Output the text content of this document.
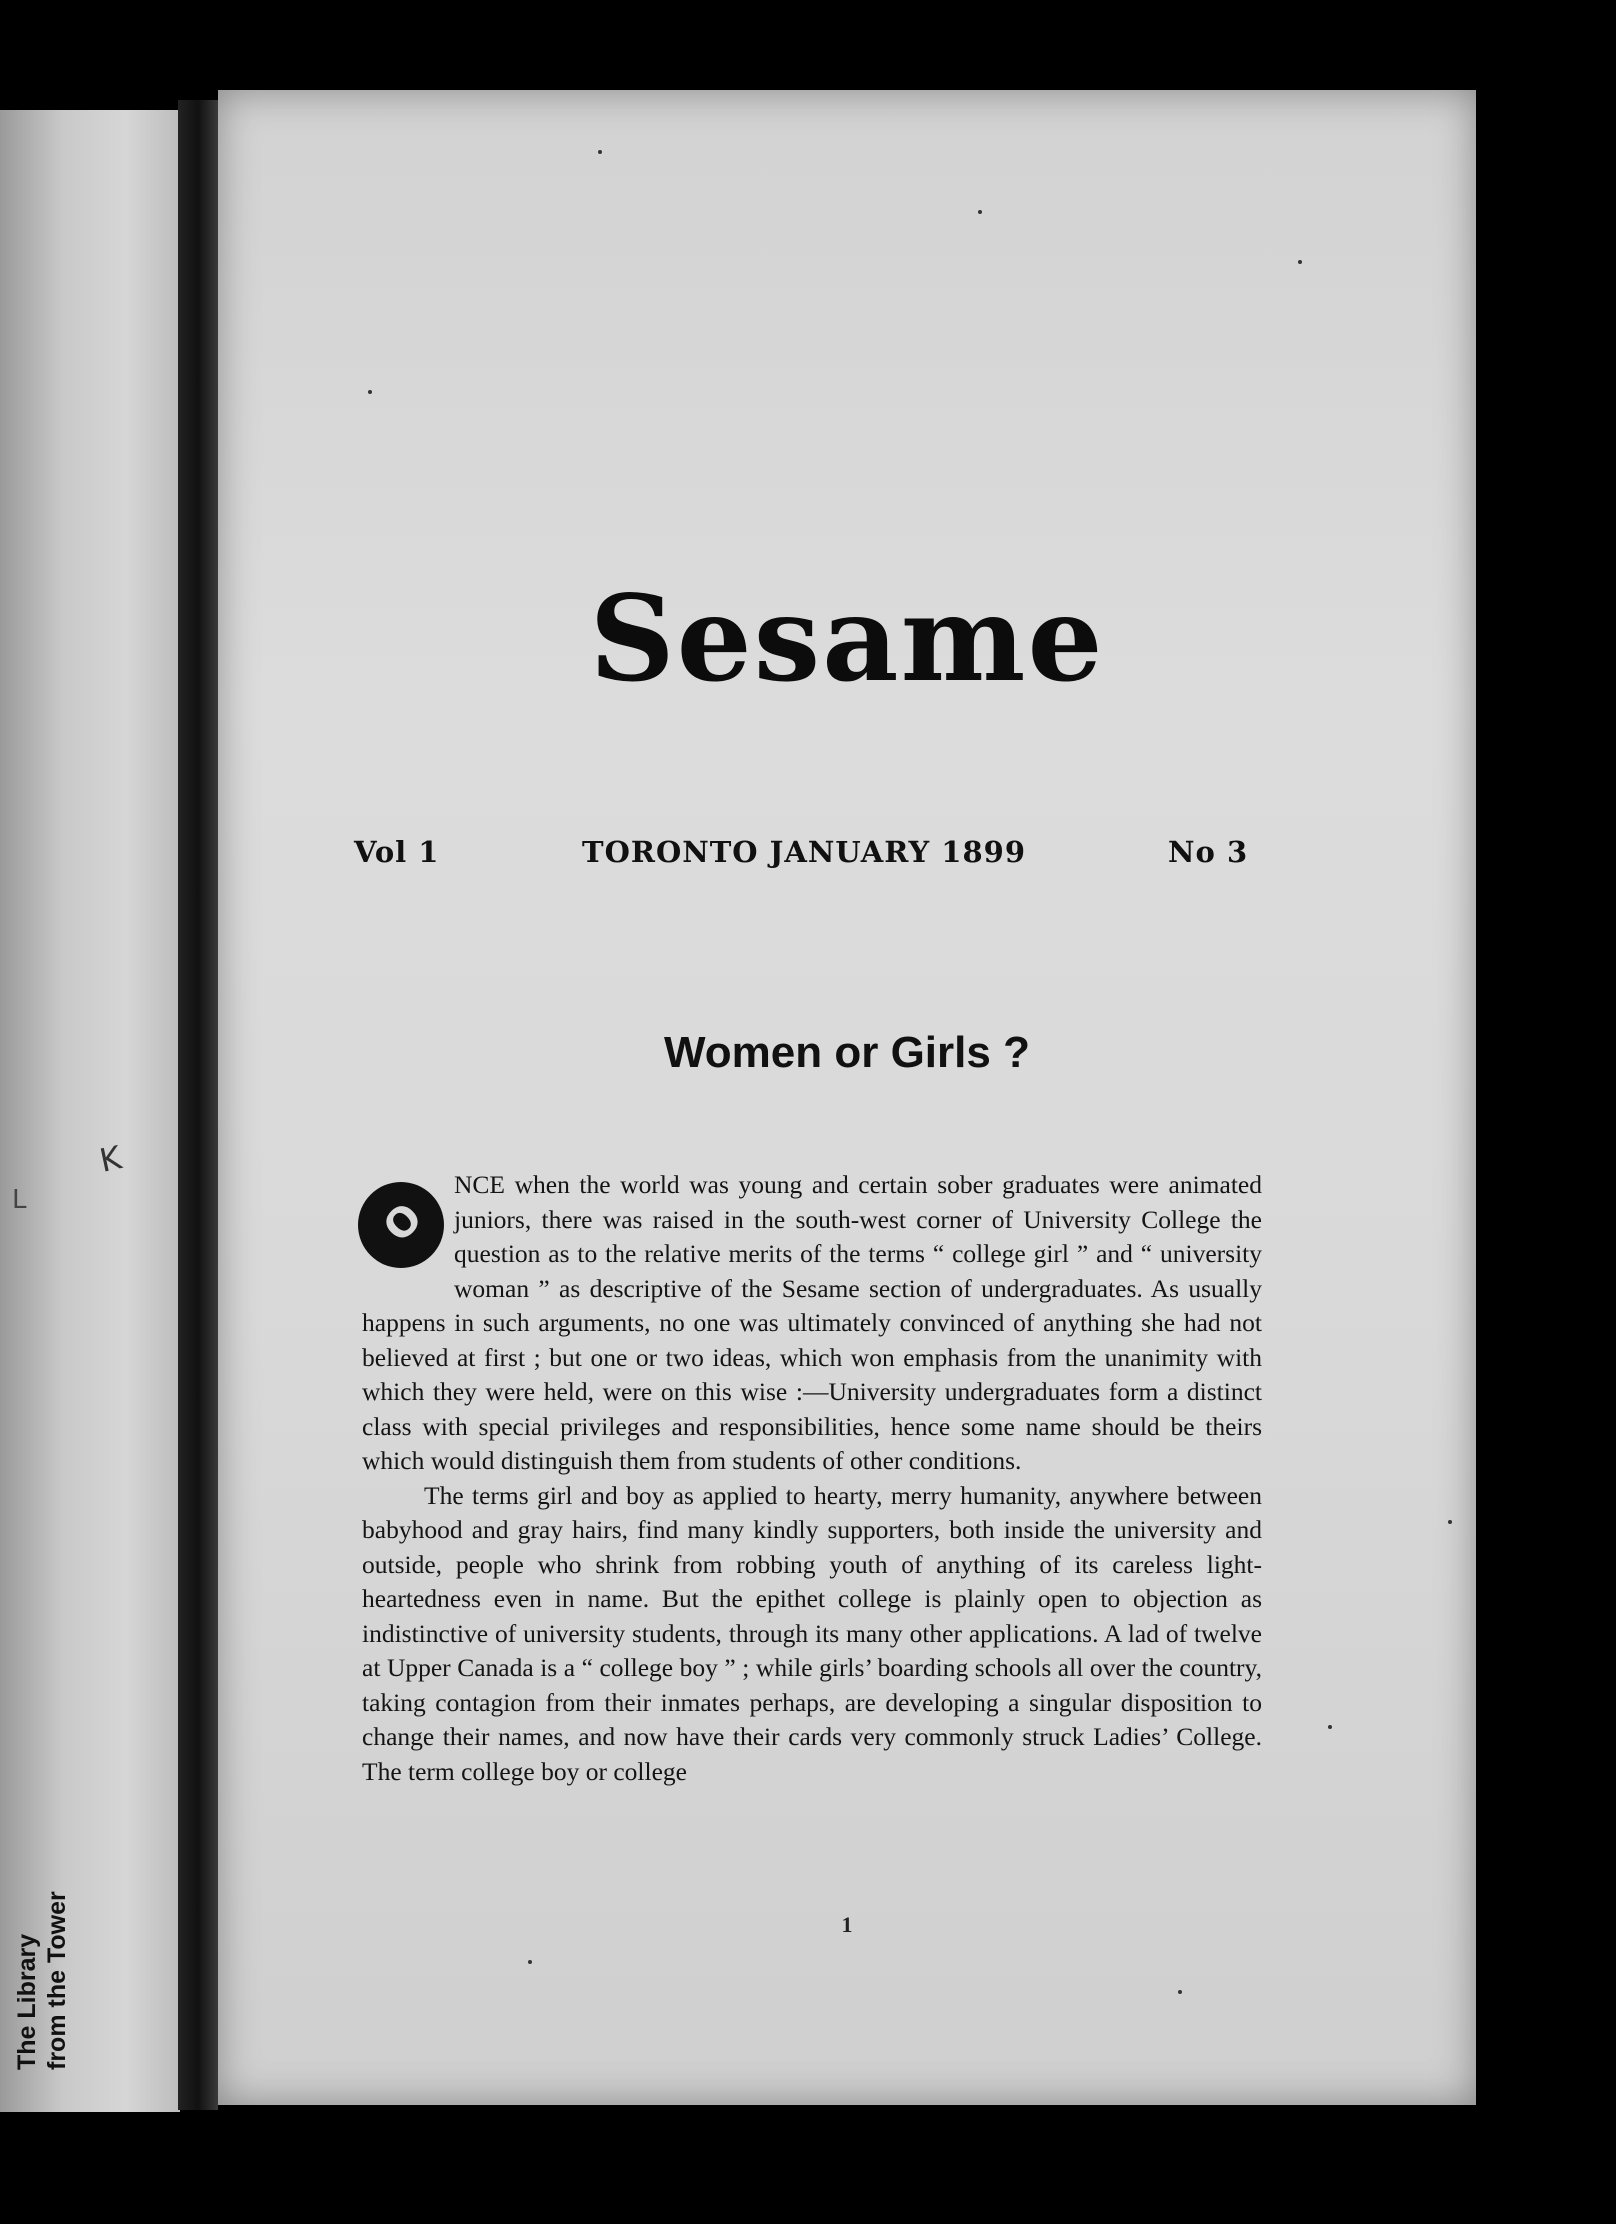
K
L
The Library from the Tower
Sesame
Vol 1	TORONTO JANUARY 1899	No 3
Women or Girls ?

O
NCE when the world was young and certain sober graduates were animated juniors, there was raised in the south-west corner of University College the question as to the relative merits of the terms “ college girl ” and “ university woman ” as descriptive of the Sesame section of undergraduates. As usually happens in such arguments, no one was ultimately convinced of anything she had not believed at first ; but one or two ideas, which won emphasis from the unanimity with which they were held, were on this wise :—University undergraduates form a distinct class with special privileges and responsibilities, hence some name should be theirs which would distinguish them from students of other conditions.

The terms girl and boy as applied to hearty, merry humanity, anywhere between babyhood and gray hairs, find many kindly supporters, both inside the university and outside, people who shrink from robbing youth of anything of its careless light-heartedness even in name. But the epithet college is plainly open to objection as indistinctive of university students, through its many other applications. A lad of twelve at Upper Canada is a “ college boy ” ; while girls’ boarding schools all over the country, taking contagion from their inmates perhaps, are developing a singular disposition to change their names, and now have their cards very commonly struck Ladies’ College. The term college boy or college

1
